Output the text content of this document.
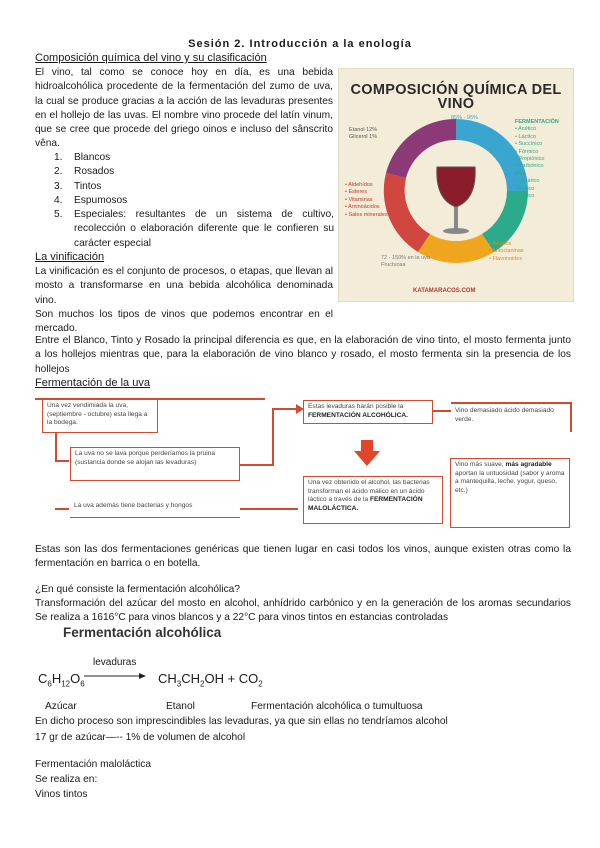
Sesión 2. Introducción a la enología
Composición química del vino y su clasificación
El vino, tal como se conoce hoy en día, es una bebida hidroalcohólica procedente de la fermentación del zumo de uva, la cual se produce gracias a la acción de las levaduras presentes en el hollejo de las uvas. El nombre vino procede del latín vinum, que se cree que procede del griego oinos e incluso del sânscrito vêna.
1.	Blancos
2.	Rosados
3.	Tintos
4.	Espumosos
5.	Especiales: resultantes de un sistema de cultivo, recolección o elaboración diferente que le confieren su carácter especial
COMPOSICIÓN QUÍMICA DEL VINO
Etanol 12%
Glicerol 1%
• Aldehídos
• Ésteres
• Vitaminas
• Aminoácidos
• Sales minerales
85% - 95%
FERMENTACIÓN
• Acético
• Láctico
• Succínico
• Fórmico
• Propiónico
• Carbónico
UVA
• Tartárico
• Málico
• Cítrico
• Taninos
• Antocianinas
• Flavonoides
72 - 150% en la uva
Fructuosa
KATAMARACOS.COM
La vinificación
La vinificación es el conjunto de procesos, o etapas, que llevan al mosto a transformarse en una bebida alcohólica denominada vino.
Son muchos los tipos de vinos que podemos encontrar en el mercado.
Entre el Blanco, Tinto y Rosado la principal diferencia es que, en la elaboración de vino tinto, el mosto fermenta junto a los hollejos mientras que, para la elaboración de vino blanco y rosado, el mosto fermenta sin la presencia de los hollejos
Fermentación de la uva
Una vez vendimiada la uva, (septiembre - octubre) esta llega a la bodega.
La uva no se lava porque perderíamos la pruina (sustancia donde se alojan las levaduras)
La uva además tiene bacterias y hongos
Estas levaduras harán posible la FERMENTACIÓN ALCOHÓLICA.
Vino demasiado ácido demasiado verde.
Una vez obtenido el alcohol, las bacterias transforman el ácido málico en un ácido láctico a través de la FERMENTACIÓN MALOLÁCTICA.
Vino más suave, más agradable aportan la untuosidad (sabor y aroma a mantequilla, leche, yogur, queso, etc.)
Estas son las dos fermentaciones genéricas que tienen lugar en casi todos los vinos, aunque existen otras como la fermentación en barrica o en botella.
¿En qué consiste la fermentación alcohólica?
Transformación del azúcar del mosto en alcohol, anhídrido carbónico y en la generación de los aromas secundarios Se realiza a 1616°C para vinos blancos y a 22°C para vinos tintos en estancias controladas
Fermentación alcohólica
levaduras
$C_6H_{12}O_6$	$CH_3CH_2OH + CO_2$
Azúcar	Etanol	Fermentación alcohólica o tumultuosa
En dicho proceso son imprescindibles las levaduras, ya que sin ellas no tendríamos alcohol
17 gr de azúcar—-- 1% de volumen de alcohol
Fermentación maloláctica
Se realiza en:
Vinos tintos
